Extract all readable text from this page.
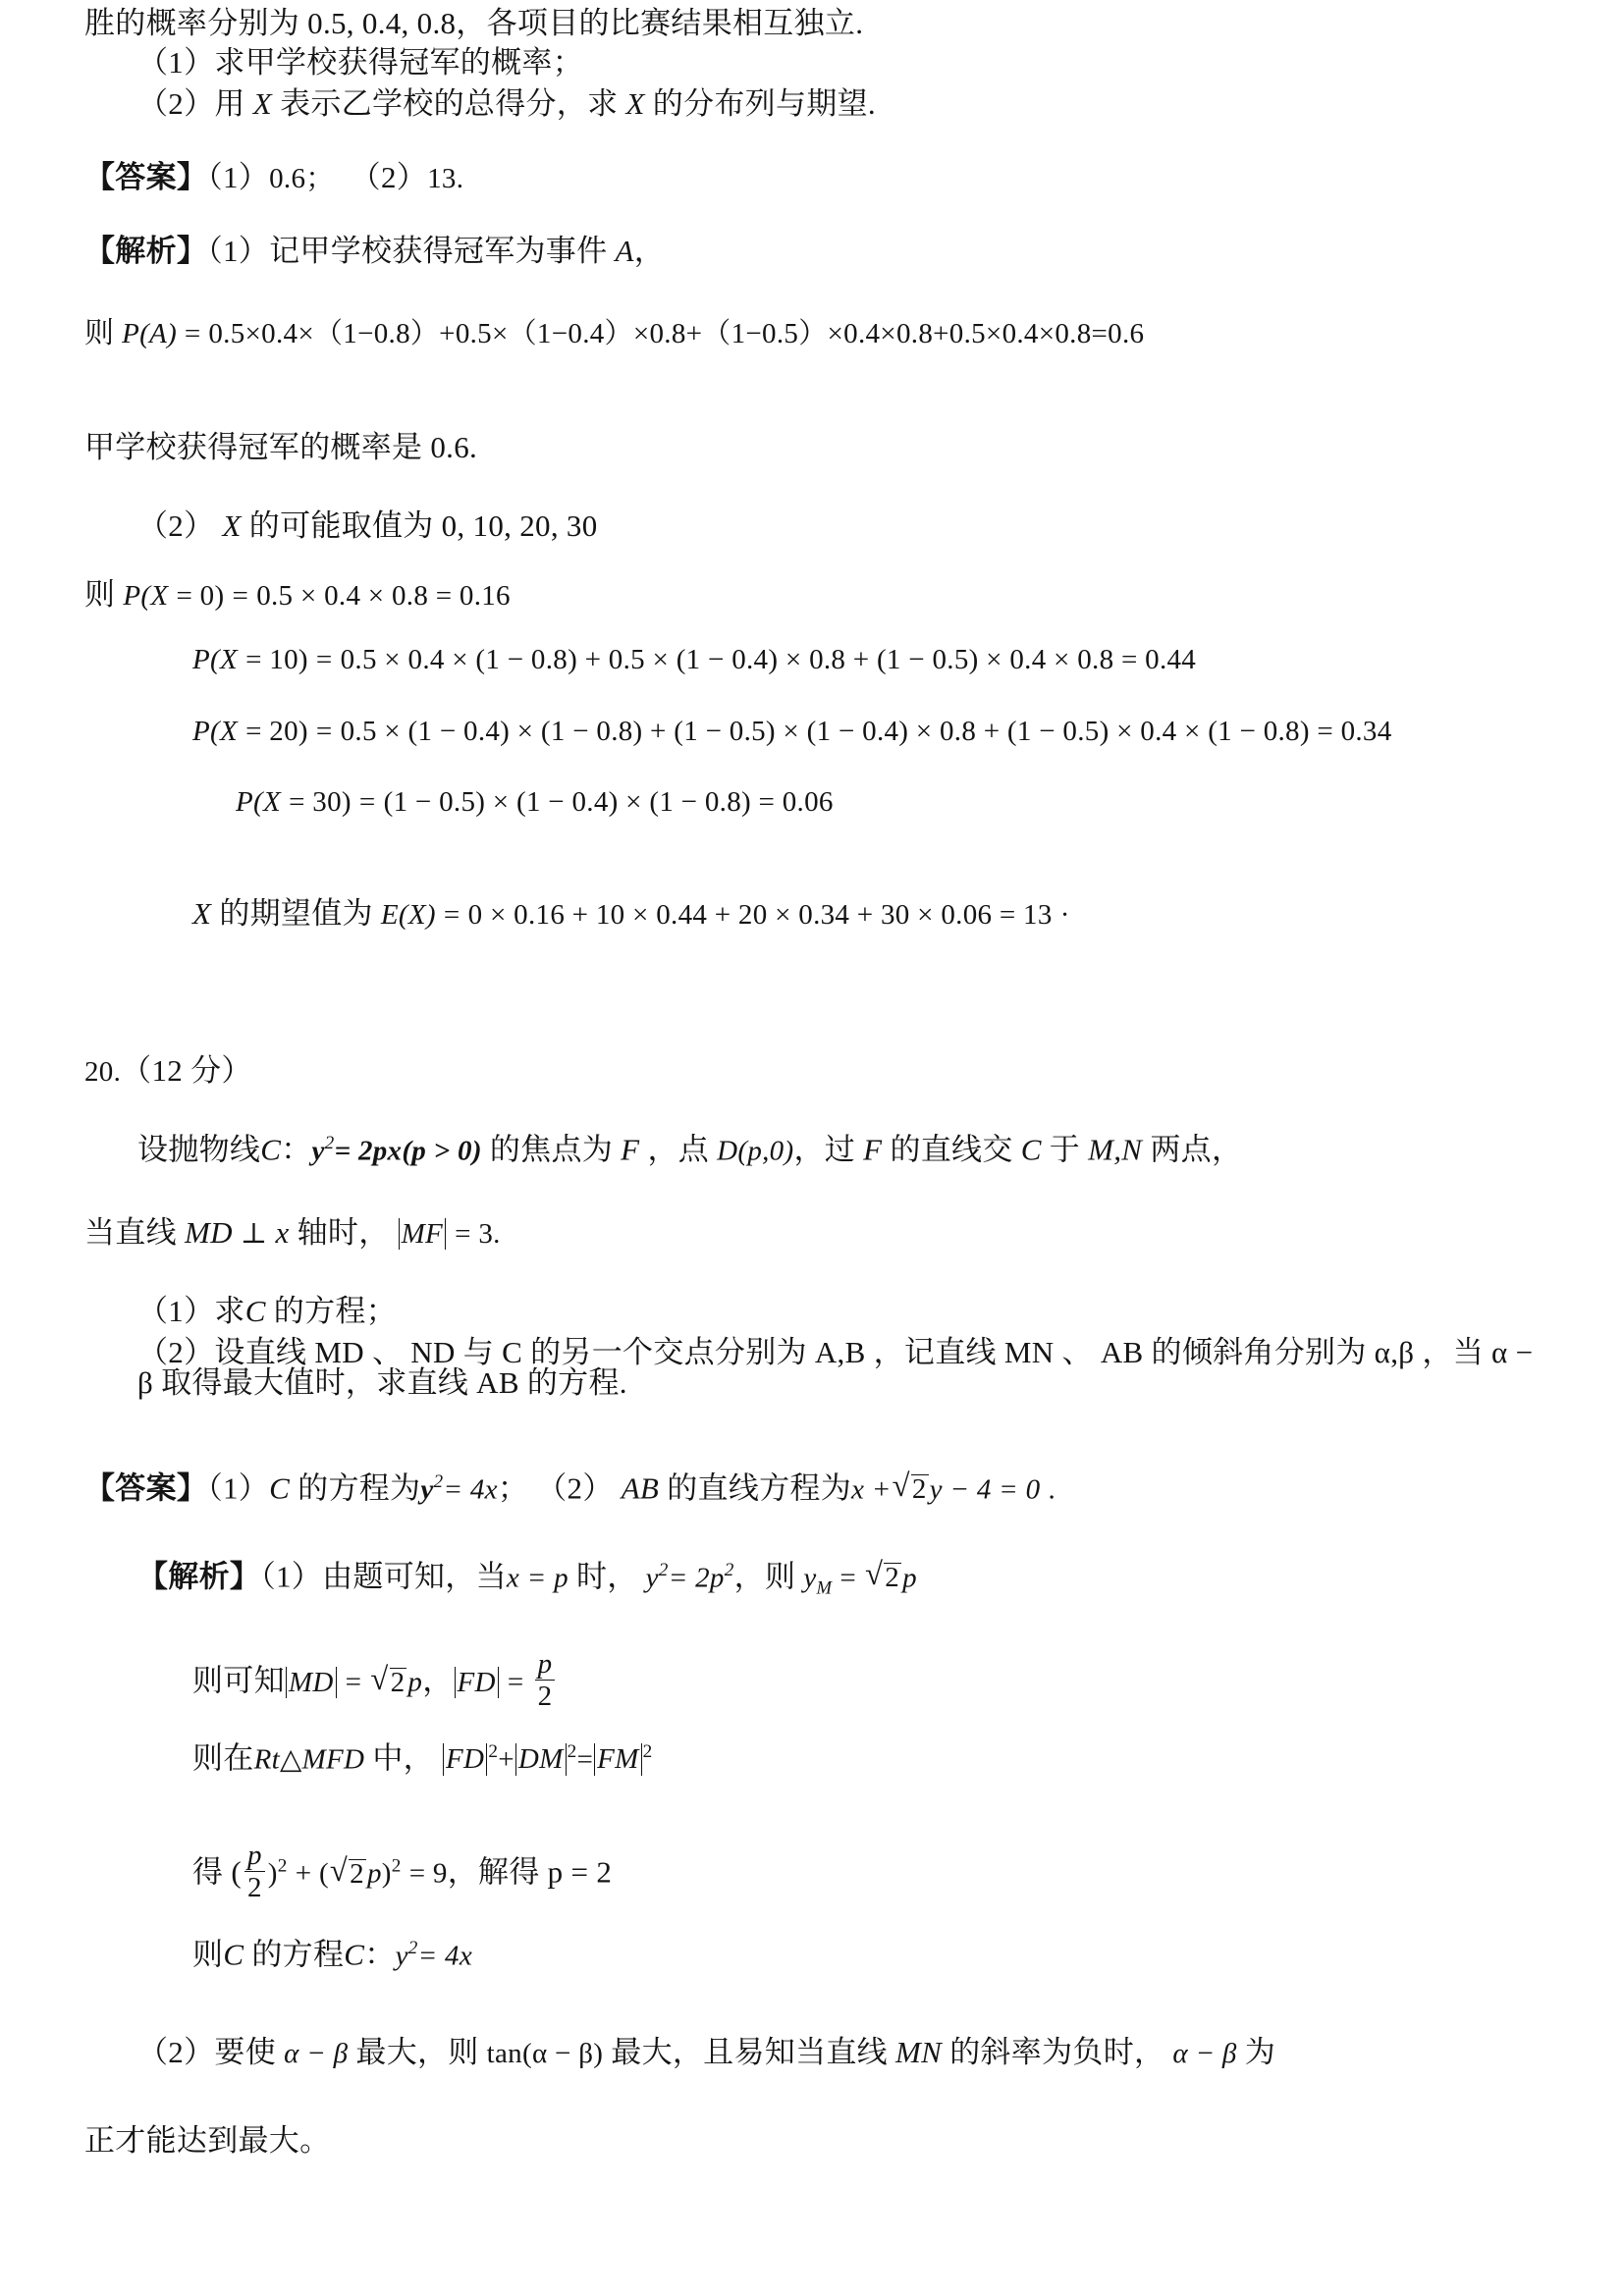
胜的概率分别为 0.5, 0.4, 0.8，各项目的比赛结果相互独立.
（1）求甲学校获得冠军的概率；
（2）用 X 表示乙学校的总得分，求 X 的分布列与期望.
【答案】（1）0.6； （2）13.
【解析】（1）记甲学校获得冠军为事件 A，
则 P(A) = 0.5×0.4×（1−0.8）+0.5×（1−0.4）×0.8+（1−0.5）×0.4×0.8+0.5×0.4×0.8=0.6
甲学校获得冠军的概率是 0.6.
（2） X 的可能取值为 0, 10, 20, 30
则 P(X = 0) = 0.5 × 0.4 × 0.8 = 0.16
P(X = 10) = 0.5 × 0.4 × (1 − 0.8) + 0.5 × (1 − 0.4) × 0.8 + (1 − 0.5) × 0.4 × 0.8 = 0.44
P(X = 20) = 0.5 × (1 − 0.4) × (1 − 0.8) + (1 − 0.5) × (1 − 0.4) × 0.8 + (1 − 0.5) × 0.4 × (1 − 0.8) = 0.34
P(X = 30) = (1 − 0.5) × (1 − 0.4) × (1 − 0.8) = 0.06
X 的期望值为 E(X) = 0 × 0.16 + 10 × 0.44 + 20 × 0.34 + 30 × 0.06 = 13 ·
20.（12 分）
设抛物线C：$y^2= 2px(p > 0)$ 的焦点为 F ，点 D(p,0)，过 F 的直线交 C 于 M,N 两点，
当直线 MD ⊥ x 轴时， MF = 3.
（1）求C 的方程；
（2）设直线 MD 、 ND 与 C 的另一个交点分别为 A,B ，记直线 MN 、 AB 的倾斜角分别为 α,β ，当 α − β 取得最大值时，求直线 AB 的方程.
【答案】（1）C 的方程为$y^2= 4x$； （2） AB 的直线方程为x + √ 2 y − 4 = 0 .
【解析】（1）由题可知，当x = p 时， $y^2= 2p^2$，则 $y_M$ = √ 2 p
则可知 MD = √ 2 p， FD = $\frac{p}{2}$
则在Rt△MFD 中， FD $^2$+ DM $^2$= FM $^2$
得 ( $\frac{p}{2} )^2$ + ( √ 2 p)$^2$ = 9，解得 p = 2
则C 的方程C：$y^2= 4x$
（2）要使 α − β 最大，则 tan(α − β) 最大，且易知当直线 MN 的斜率为负时， α − β 为
正才能达到最大。
